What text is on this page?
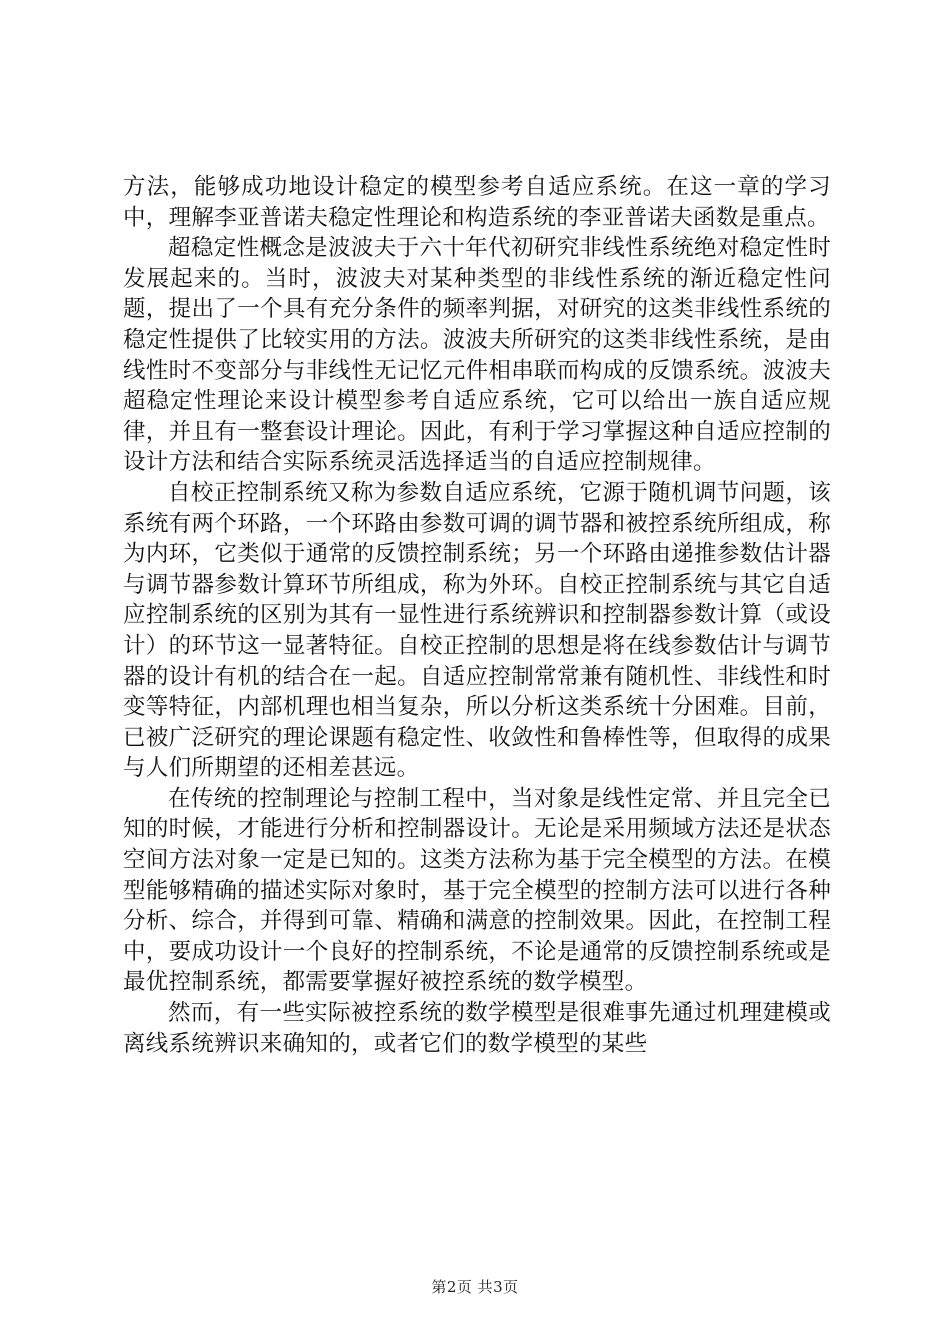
方法，能够成功地设计稳定的模型参考自适应系统。在这一章的学习中，理解李亚普诺夫稳定性理论和构造系统的李亚普诺夫函数是重点。

超稳定性概念是波波夫于六十年代初研究非线性系统绝对稳定性时发展起来的。当时，波波夫对某种类型的非线性系统的渐近稳定性问题，提出了一个具有充分条件的频率判据，对研究的这类非线性系统的稳定性提供了比较实用的方法。波波夫所研究的这类非线性系统，是由线性时不变部分与非线性无记忆元件相串联而构成的反馈系统。波波夫超稳定性理论来设计模型参考自适应系统，它可以给出一族自适应规律，并且有一整套设计理论。因此，有利于学习掌握这种自适应控制的设计方法和结合实际系统灵活选择适当的自适应控制规律。

自校正控制系统又称为参数自适应系统，它源于随机调节问题，该系统有两个环路，一个环路由参数可调的调节器和被控系统所组成，称为内环，它类似于通常的反馈控制系统；另一个环路由递推参数估计器与调节器参数计算环节所组成，称为外环。自校正控制系统与其它自适应控制系统的区别为其有一显性进行系统辨识和控制器参数计算（或设计）的环节这一显著特征。自校正控制的思想是将在线参数估计与调节器的设计有机的结合在一起。自适应控制常常兼有随机性、非线性和时变等特征，内部机理也相当复杂，所以分析这类系统十分困难。目前，已被广泛研究的理论课题有稳定性、收敛性和鲁棒性等，但取得的成果与人们所期望的还相差甚远。

在传统的控制理论与控制工程中，当对象是线性定常、并且完全已知的时候，才能进行分析和控制器设计。无论是采用频域方法还是状态空间方法对象一定是已知的。这类方法称为基于完全模型的方法。在模型能够精确的描述实际对象时，基于完全模型的控制方法可以进行各种分析、综合，并得到可靠、精确和满意的控制效果。因此，在控制工程中，要成功设计一个良好的控制系统，不论是通常的反馈控制系统或是最优控制系统，都需要掌握好被控系统的数学模型。

然而，有一些实际被控系统的数学模型是很难事先通过机理建模或离线系统辨识来确知的，或者它们的数学模型的某些

第2页 共3页
